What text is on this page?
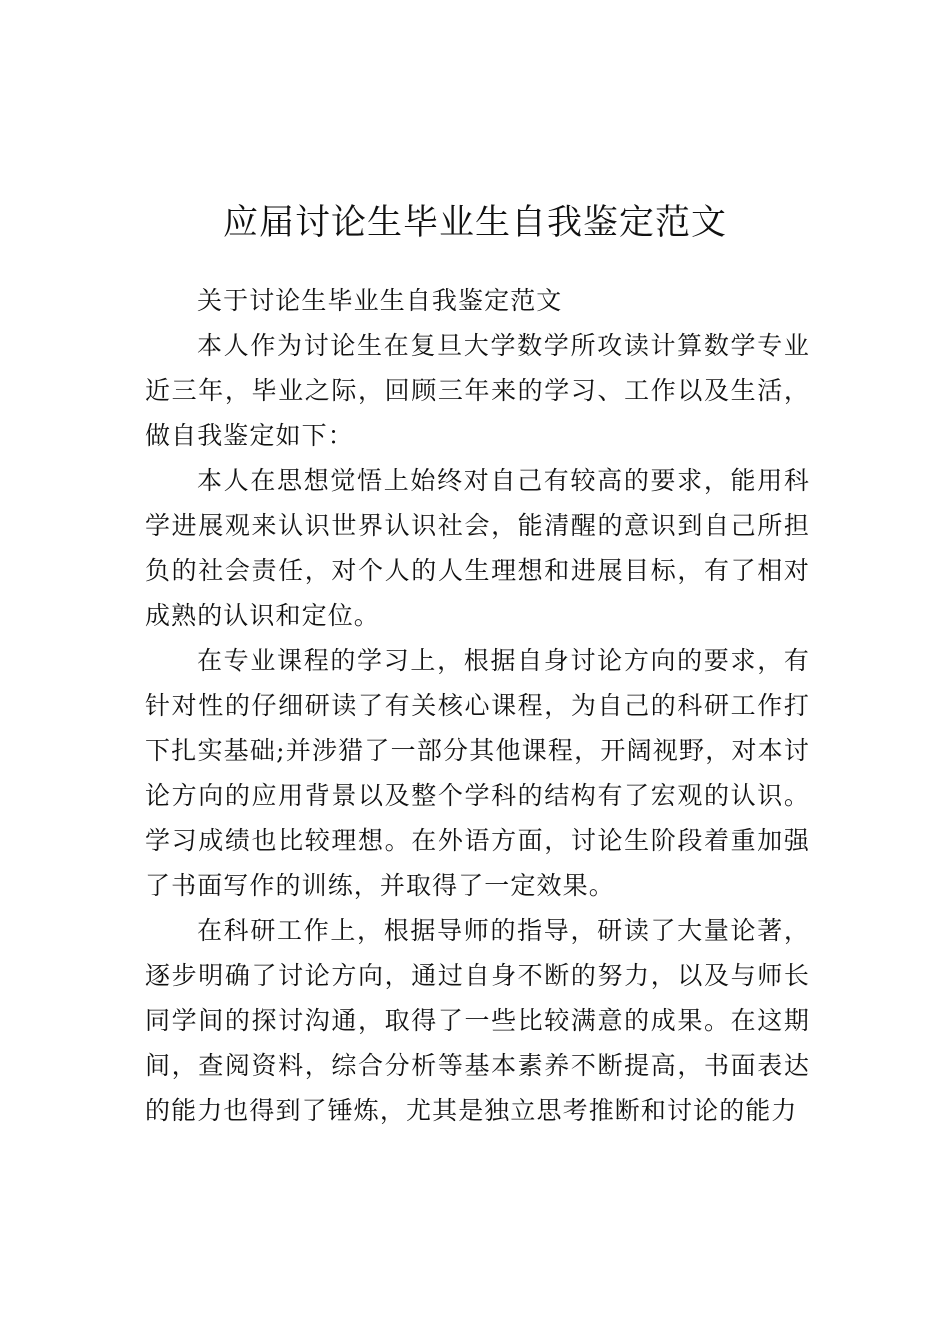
应届讨论生毕业生自我鉴定范文

关于讨论生毕业生自我鉴定范文

本人作为讨论生在复旦大学数学所攻读计算数学专业近三年，毕业之际，回顾三年来的学习、工作以及生活，做自我鉴定如下：

本人在思想觉悟上始终对自己有较高的要求，能用科学进展观来认识世界认识社会，能清醒的意识到自己所担负的社会责任，对个人的人生理想和进展目标，有了相对成熟的认识和定位。

在专业课程的学习上，根据自身讨论方向的要求，有针对性的仔细研读了有关核心课程，为自己的科研工作打下扎实基础;并涉猎了一部分其他课程，开阔视野，对本讨论方向的应用背景以及整个学科的结构有了宏观的认识。学习成绩也比较理想。在外语方面，讨论生阶段着重加强了书面写作的训练，并取得了一定效果。

在科研工作上，根据导师的指导，研读了大量论著，逐步明确了讨论方向，通过自身不断的努力，以及与师长同学间的探讨沟通，取得了一些比较满意的成果。在这期间，查阅资料，综合分析等基本素养不断提高，书面表达的能力也得到了锤炼，尤其是独立思考推断和讨论的能力
